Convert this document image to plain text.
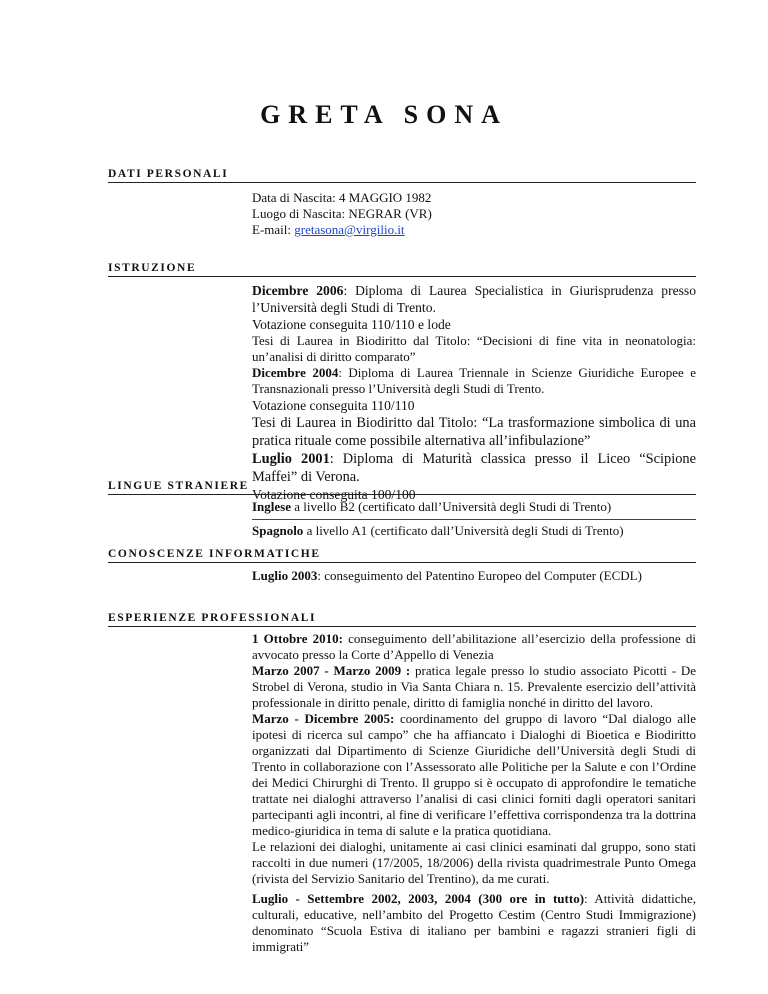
GRETA SONA
DATI PERSONALI

Data di Nascita: 4 MAGGIO 1982

Luogo di Nascita: NEGRAR (VR)

E-mail: gretasona@virgilio.it

ISTRUZIONE

Dicembre 2006: Diploma di Laurea Specialistica in Giurisprudenza presso l’Università degli Studi di Trento.

Votazione conseguita 110/110 e lode

Tesi di Laurea in Biodiritto dal Titolo: “Decisioni di fine vita in neonatologia: un’analisi di diritto comparato”

Dicembre 2004: Diploma di Laurea Triennale in Scienze Giuridiche Europee e Transnazionali presso l’Università degli Studi di Trento.

Votazione conseguita 110/110

Tesi di Laurea in Biodiritto dal Titolo: “La trasformazione simbolica di una pratica rituale come possibile alternativa all’infibulazione”

Luglio 2001: Diploma di Maturità classica presso il Liceo “Scipione Maffei” di Verona.

Votazione conseguita 100/100

LINGUE STRANIERE

Inglese a livello B2 (certificato dall’Università degli Studi di Trento)

Spagnolo a livello A1 (certificato dall’Università degli Studi di Trento)

CONOSCENZE INFORMATICHE

Luglio 2003: conseguimento del Patentino Europeo del Computer (ECDL)

ESPERIENZE PROFESSIONALI

1 Ottobre 2010: conseguimento dell’abilitazione all’esercizio della professione di avvocato presso la Corte d’Appello di Venezia

Marzo 2007 - Marzo 2009 : pratica legale presso lo studio associato Picotti - De Strobel di Verona, studio in Via Santa Chiara n. 15. Prevalente esercizio dell’attività professionale in diritto penale, diritto di famiglia nonché in diritto del lavoro.

Marzo - Dicembre 2005: coordinamento del gruppo di lavoro “Dal dialogo alle ipotesi di ricerca sul campo” che ha affiancato i Dialoghi di Bioetica e Biodiritto organizzati dal Dipartimento di Scienze Giuridiche dell’Università degli Studi di Trento in collaborazione con l’Assessorato alle Politiche per la Salute e con l’Ordine dei Medici Chirurghi di Trento. Il gruppo si è occupato di approfondire le tematiche trattate nei dialoghi attraverso l’analisi di casi clinici forniti dagli operatori sanitari partecipanti agli incontri, al fine di verificare l’effettiva corrispondenza tra la dottrina medico-giuridica in tema di salute e la pratica quotidiana.

Le relazioni dei dialoghi, unitamente ai casi clinici esaminati dal gruppo, sono stati raccolti in due numeri (17/2005, 18/2006) della rivista quadrimestrale Punto Omega (rivista del Servizio Sanitario del Trentino), da me curati.

Luglio - Settembre 2002, 2003, 2004 (300 ore in tutto): Attività didattiche, culturali, educative, nell’ambito del Progetto Cestim (Centro Studi Immigrazione) denominato “Scuola Estiva di italiano per bambini e ragazzi stranieri figli di immigrati”
